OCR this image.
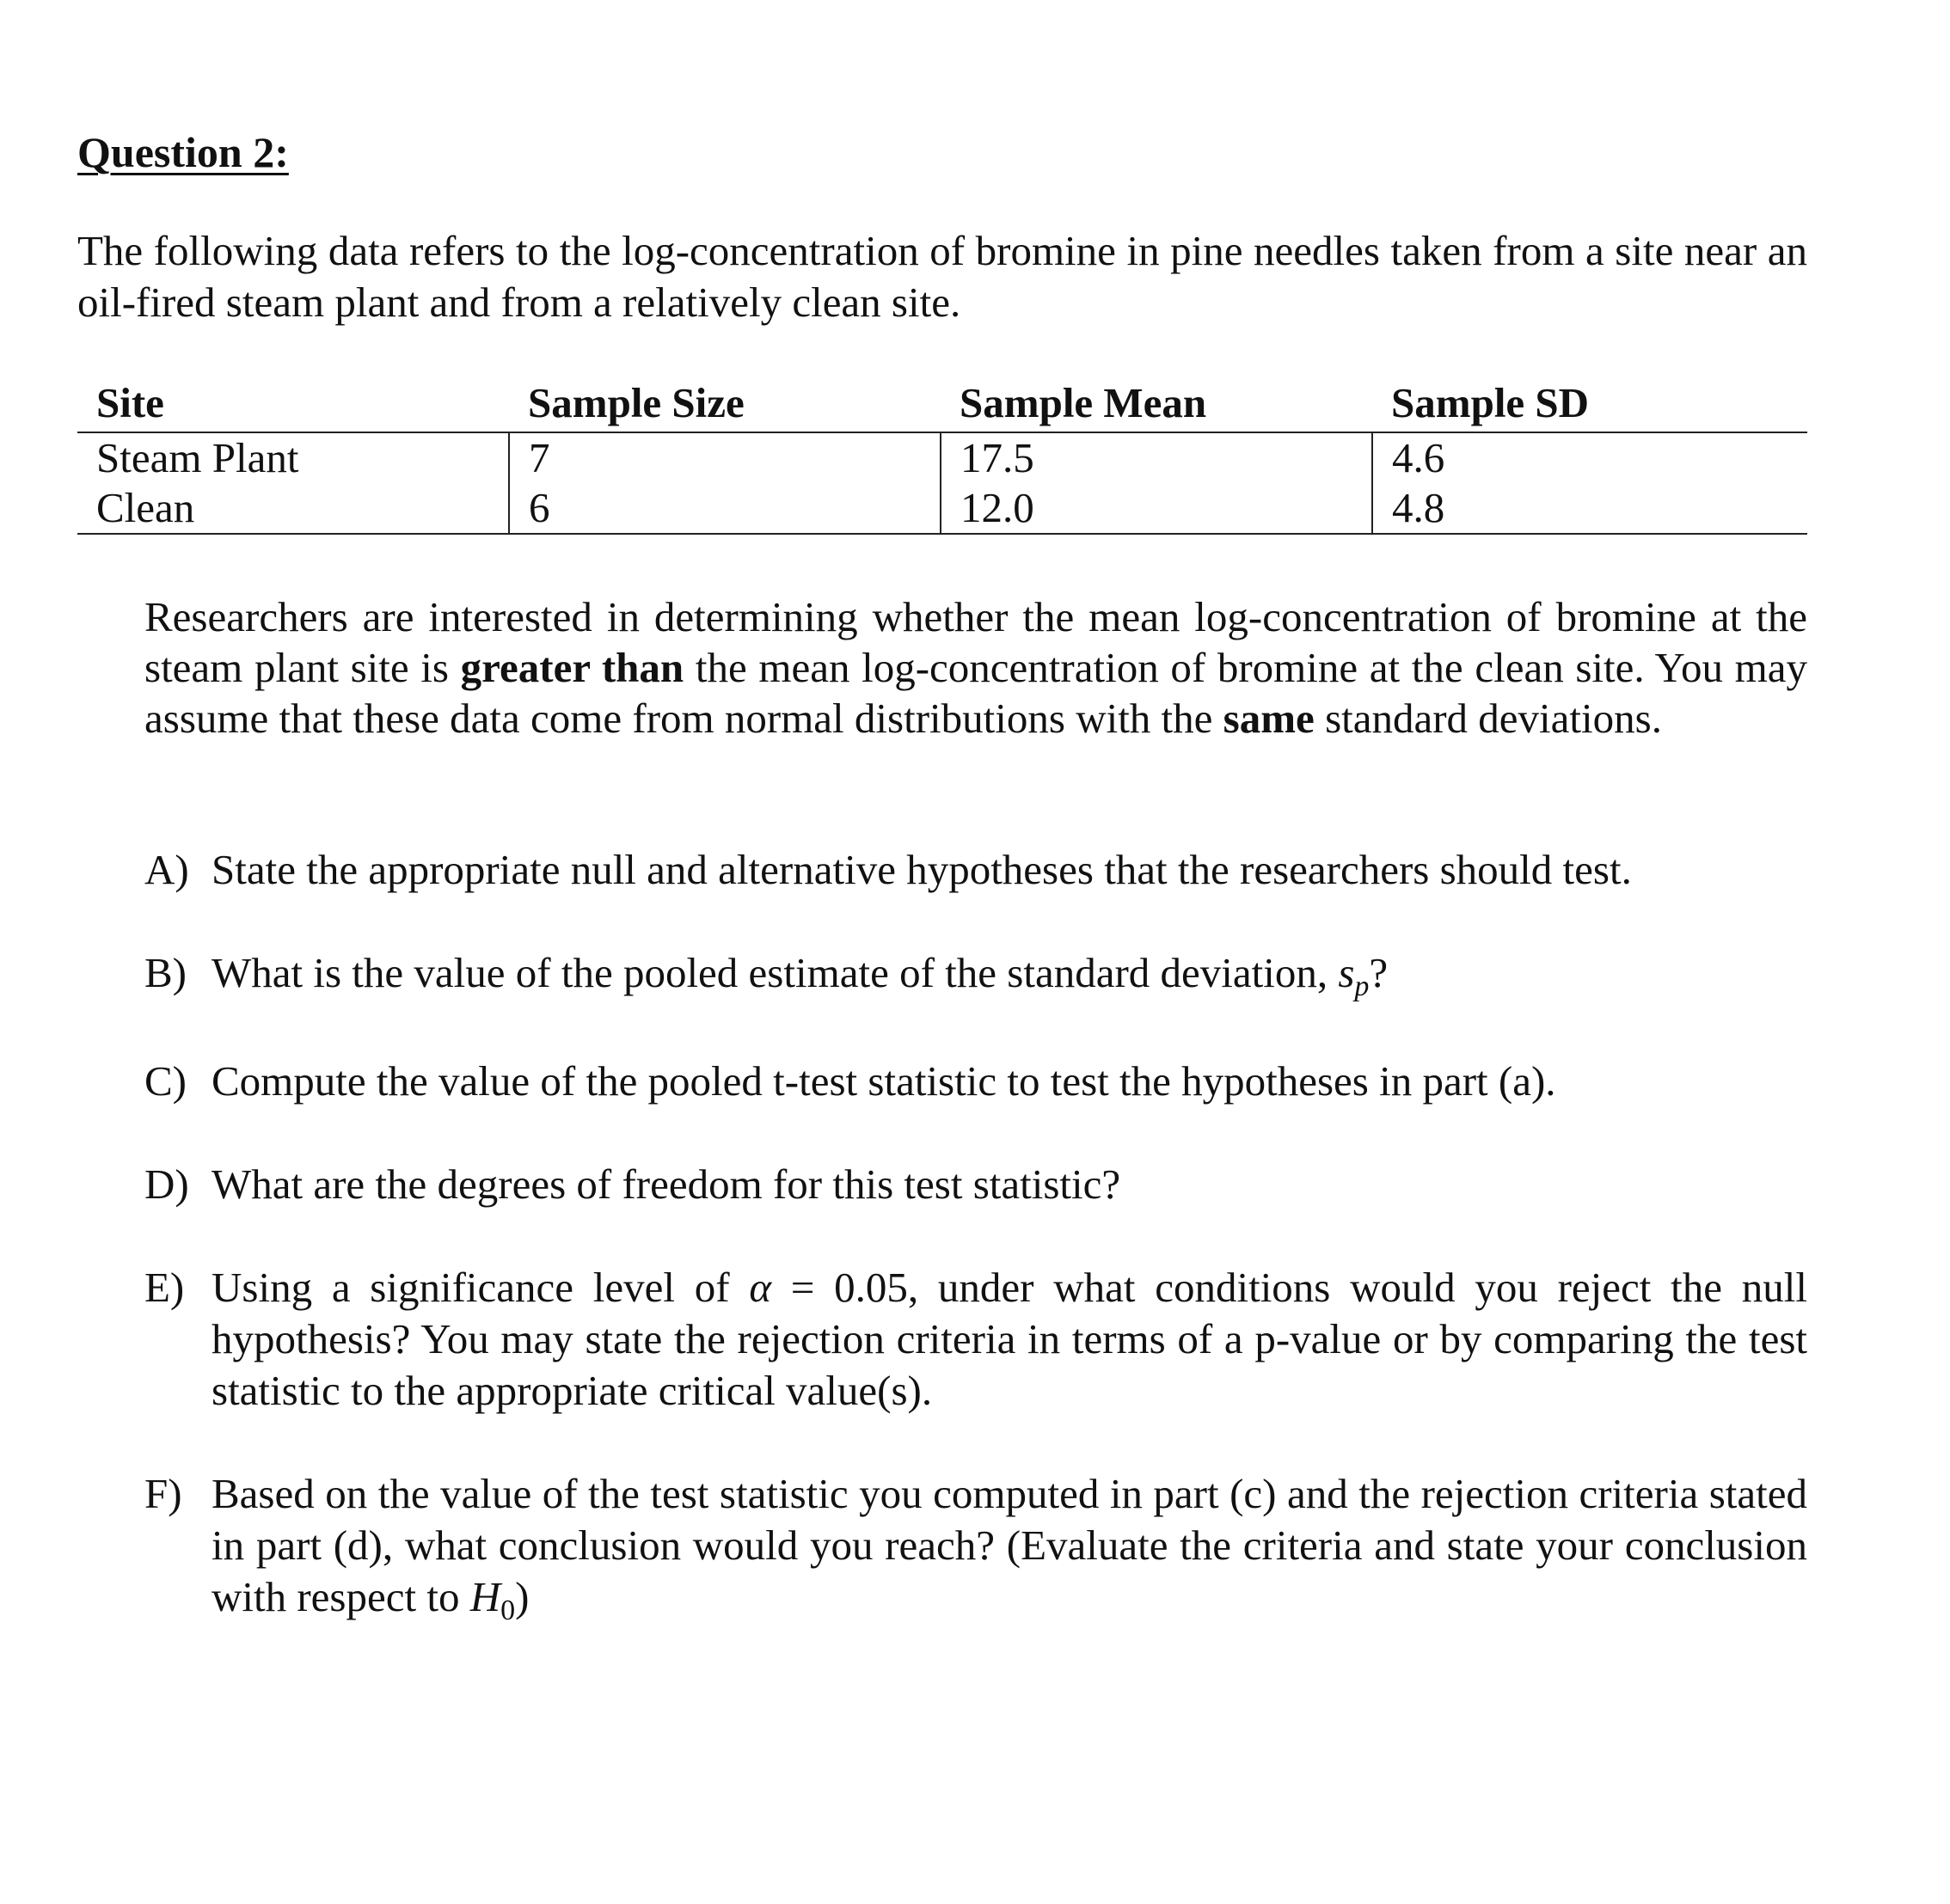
Question 2:

The following data refers to the log-concentration of bromine in pine needles taken from a site near an oil-fired steam plant and from a relatively clean site.

Site	Sample Size	Sample Mean	Sample SD
Steam Plant	7	17.5	4.6
Clean	6	12.0	4.8

Researchers are interested in determining whether the mean log-concentration of bromine at the steam plant site is greater than the mean log-concentration of bromine at the clean site. You may assume that these data come from normal distributions with the same standard deviations.

A) State the appropriate null and alternative hypotheses that the researchers should test.
B) What is the value of the pooled estimate of the standard deviation, $s_p$?
C) Compute the value of the pooled t-test statistic to test the hypotheses in part (a).
D) What are the degrees of freedom for this test statistic?
E) Using a significance level of α = 0.05, under what conditions would you reject the null hypothesis? You may state the rejection criteria in terms of a p-value or by comparing the test statistic to the appropriate critical value(s).
F) Based on the value of the test statistic you computed in part (c) and the rejection criteria stated in part (d), what conclusion would you reach? (Evaluate the criteria and state your conclusion with respect to $H_0$)
